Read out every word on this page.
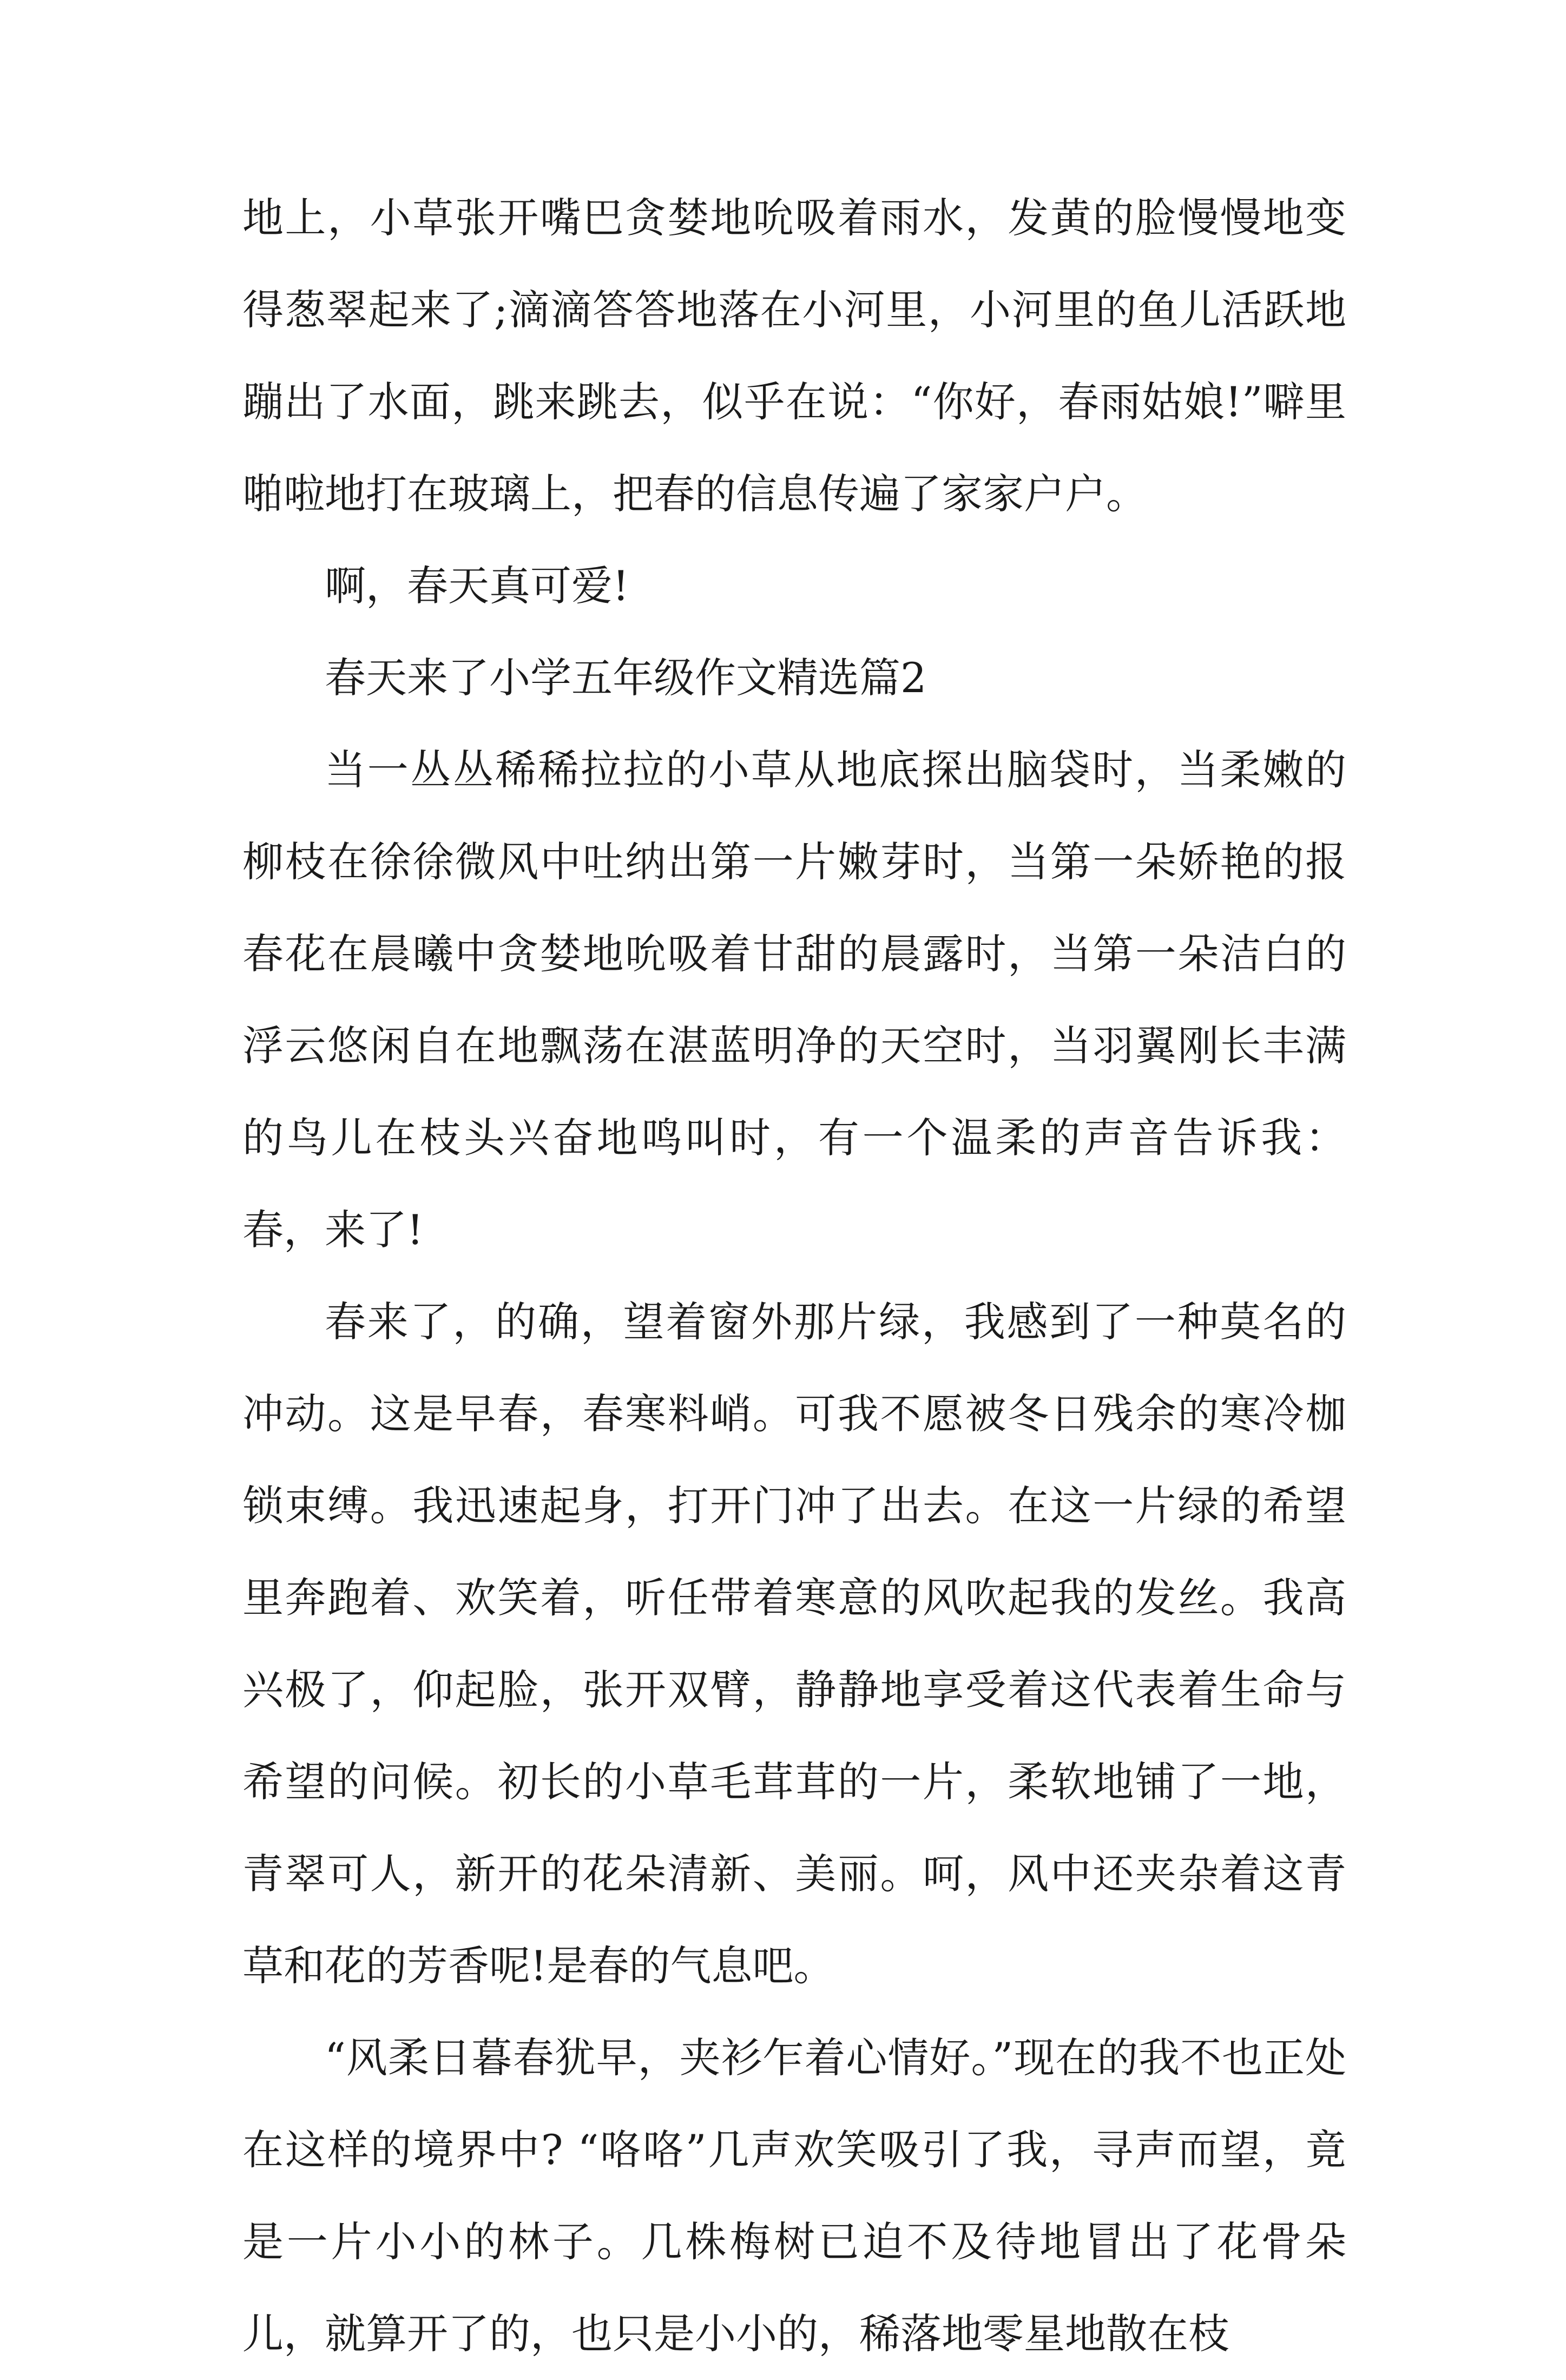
地上，小草张开嘴巴贪婪地吮吸着雨水，发黄的脸慢慢地变得葱翠起来了;滴滴答答地落在小河里，小河里的鱼儿活跃地蹦出了水面，跳来跳去，似乎在说：“你好，春雨姑娘!”噼里啪啦地打在玻璃上，把春的信息传遍了家家户户。

啊，春天真可爱!

春天来了小学五年级作文精选篇2

当一丛丛稀稀拉拉的小草从地底探出脑袋时，当柔嫩的柳枝在徐徐微风中吐纳出第一片嫩芽时，当第一朵娇艳的报春花在晨曦中贪婪地吮吸着甘甜的晨露时，当第一朵洁白的浮云悠闲自在地飘荡在湛蓝明净的天空时，当羽翼刚长丰满的鸟儿在枝头兴奋地鸣叫时，有一个温柔的声音告诉我：春，来了!

春来了，的确，望着窗外那片绿，我感到了一种莫名的冲动。这是早春，春寒料峭。可我不愿被冬日残余的寒冷枷锁束缚。我迅速起身，打开门冲了出去。在这一片绿的希望里奔跑着、欢笑着，听任带着寒意的风吹起我的发丝。我高兴极了，仰起脸，张开双臂，静静地享受着这代表着生命与希望的问候。初长的小草毛茸茸的一片，柔软地铺了一地，青翠可人，新开的花朵清新、美丽。呵，风中还夹杂着这青草和花的芳香呢!是春的气息吧。

“风柔日暮春犹早，夹衫乍着心情好。”现在的我不也正处在这样的境界中? “咯咯”几声欢笑吸引了我，寻声而望，竟是一片小小的林子。几株梅树已迫不及待地冒出了花骨朵儿，就算开了的，也只是小小的，稀落地零星地散在枝
